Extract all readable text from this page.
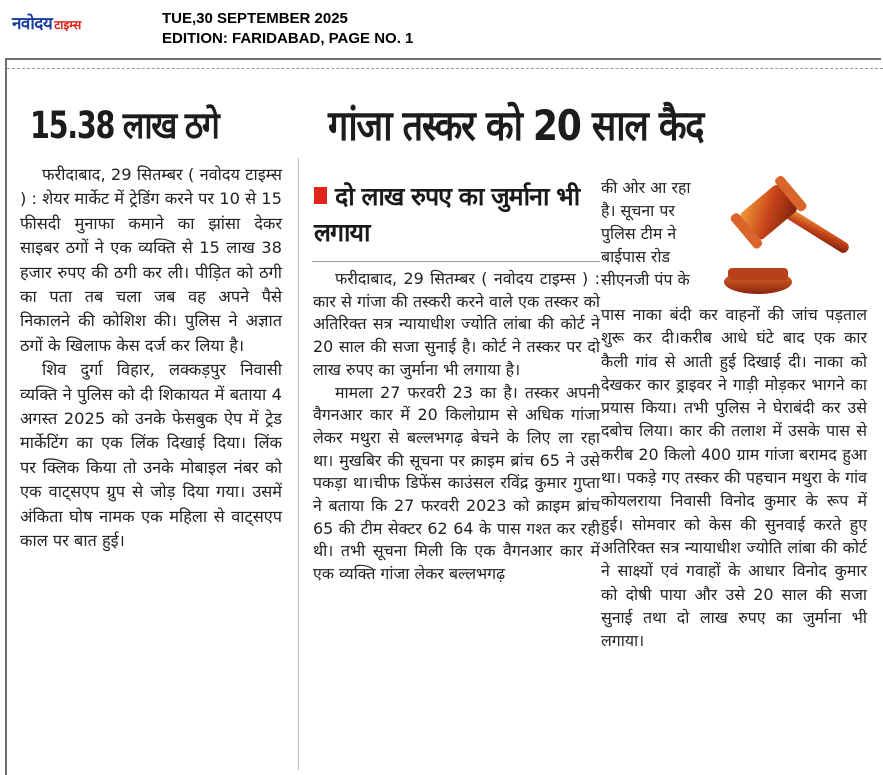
नवोदय टाइम्स	TUE,30 SEPTEMBER 2025
EDITION: FARIDABAD, PAGE NO. 1
15.38 लाख ठगे	गांजा तस्कर को 20 साल कैद

फरीदाबाद, 29 सितम्बर ( नवोदय टाइम्स ) : शेयर मार्केट में ट्रेडिंग करने पर 10 से 15 फीसदी मुनाफा कमाने का झांसा देकर साइबर ठगों ने एक व्यक्ति से 15 लाख 38 हजार रुपए की ठगी कर ली। पीड़ित को ठगी का पता तब चला जब वह अपने पैसे निकालने की कोशिश की। पुलिस ने अज्ञात ठगों के खिलाफ केस दर्ज कर लिया है।

शिव दुर्गा विहार, लक्कड़पुर निवासी व्यक्ति ने पुलिस को दी शिकायत में बताया 4 अगस्त 2025 को उनके फेसबुक ऐप में ट्रेड मार्केटिंग का एक लिंक दिखाई दिया। लिंक पर क्लिक किया तो उनके मोबाइल नंबर को एक वाट्सएप ग्रुप से जोड़ दिया गया। उसमें अंकिता घोष नामक एक महिला से वाट्सएप काल पर बात हुई।

दो लाख रुपए का जुर्माना भी लगाया

फरीदाबाद, 29 सितम्बर ( नवोदय टाइम्स ) : कार से गांजा की तस्करी करने वाले एक तस्कर को अतिरिक्त सत्र न्यायाधीश ज्योति लांबा की कोर्ट ने 20 साल की सजा सुनाई है। कोर्ट ने तस्कर पर दो लाख रुपए का जुर्माना भी लगाया है।

मामला 27 फरवरी 23 का है। तस्कर अपनी वैगनआर कार में 20 किलोग्राम से अधिक गांजा लेकर मथुरा से बल्लभगढ़ बेचने के लिए ला रहा था। मुखबिर की सूचना पर क्राइम ब्रांच 65 ने उसे पकड़ा था।चीफ डिफेंस काउंसल रविंद्र कुमार गुप्ता ने बताया कि 27 फरवरी 2023 को क्राइम ब्रांच 65 की टीम सेक्टर 62 64 के पास गश्त कर रही थी। तभी सूचना मिली कि एक वैगनआर कार में एक व्यक्ति गांजा लेकर बल्लभगढ़

की ओर आ रहा है। सूचना पर पुलिस टीम ने बाईपास रोड सीएनजी पंप के

पास नाका बंदी कर वाहनों की जांच पड़ताल शुरू कर दी।करीब आधे घंटे बाद एक कार कैली गांव से आती हुई दिखाई दी। नाका को देखकर कार ड्राइवर ने गाड़ी मोड़कर भागने का प्रयास किया। तभी पुलिस ने घेराबंदी कर उसे दबोच लिया। कार की तलाश में उसके पास से करीब 20 किलो 400 ग्राम गांजा बरामद हुआ था। पकड़े गए तस्कर की पहचान मथुरा के गांव कोयलराया निवासी विनोद कुमार के रूप में हुई। सोमवार को केस की सुनवाई करते हुए अतिरिक्त सत्र न्यायाधीश ज्योति लांबा की कोर्ट ने साक्ष्यों एवं गवाहों के आधार विनोद कुमार को दोषी पाया और उसे 20 साल की सजा सुनाई तथा दो लाख रुपए का जुर्माना भी लगाया।
